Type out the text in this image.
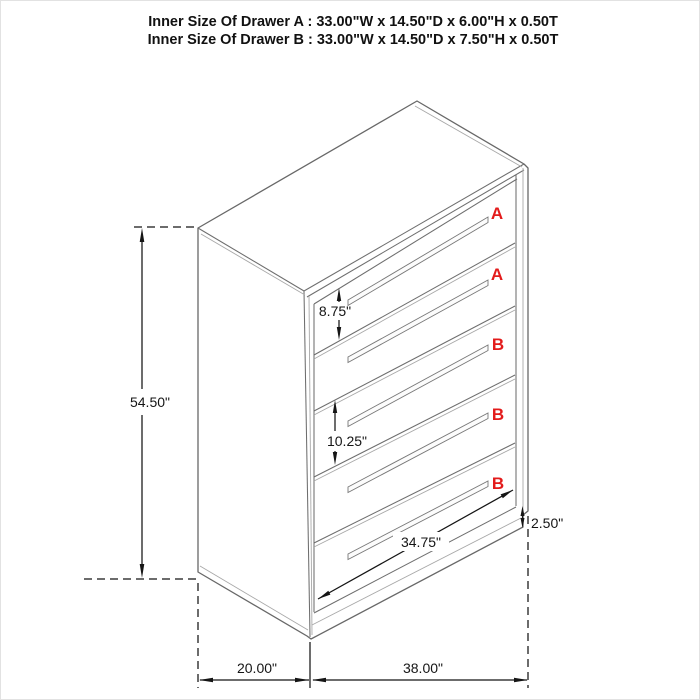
A
A
B
B
B
54.50"
8.75"
10.25"
2.50"
34.75"
20.00"	38.00"
Inner Size Of Drawer A : 33.00"W x 14.50"D x 6.00"H x 0.50T
Inner Size Of Drawer B : 33.00"W x 14.50"D x 7.50"H x 0.50T
